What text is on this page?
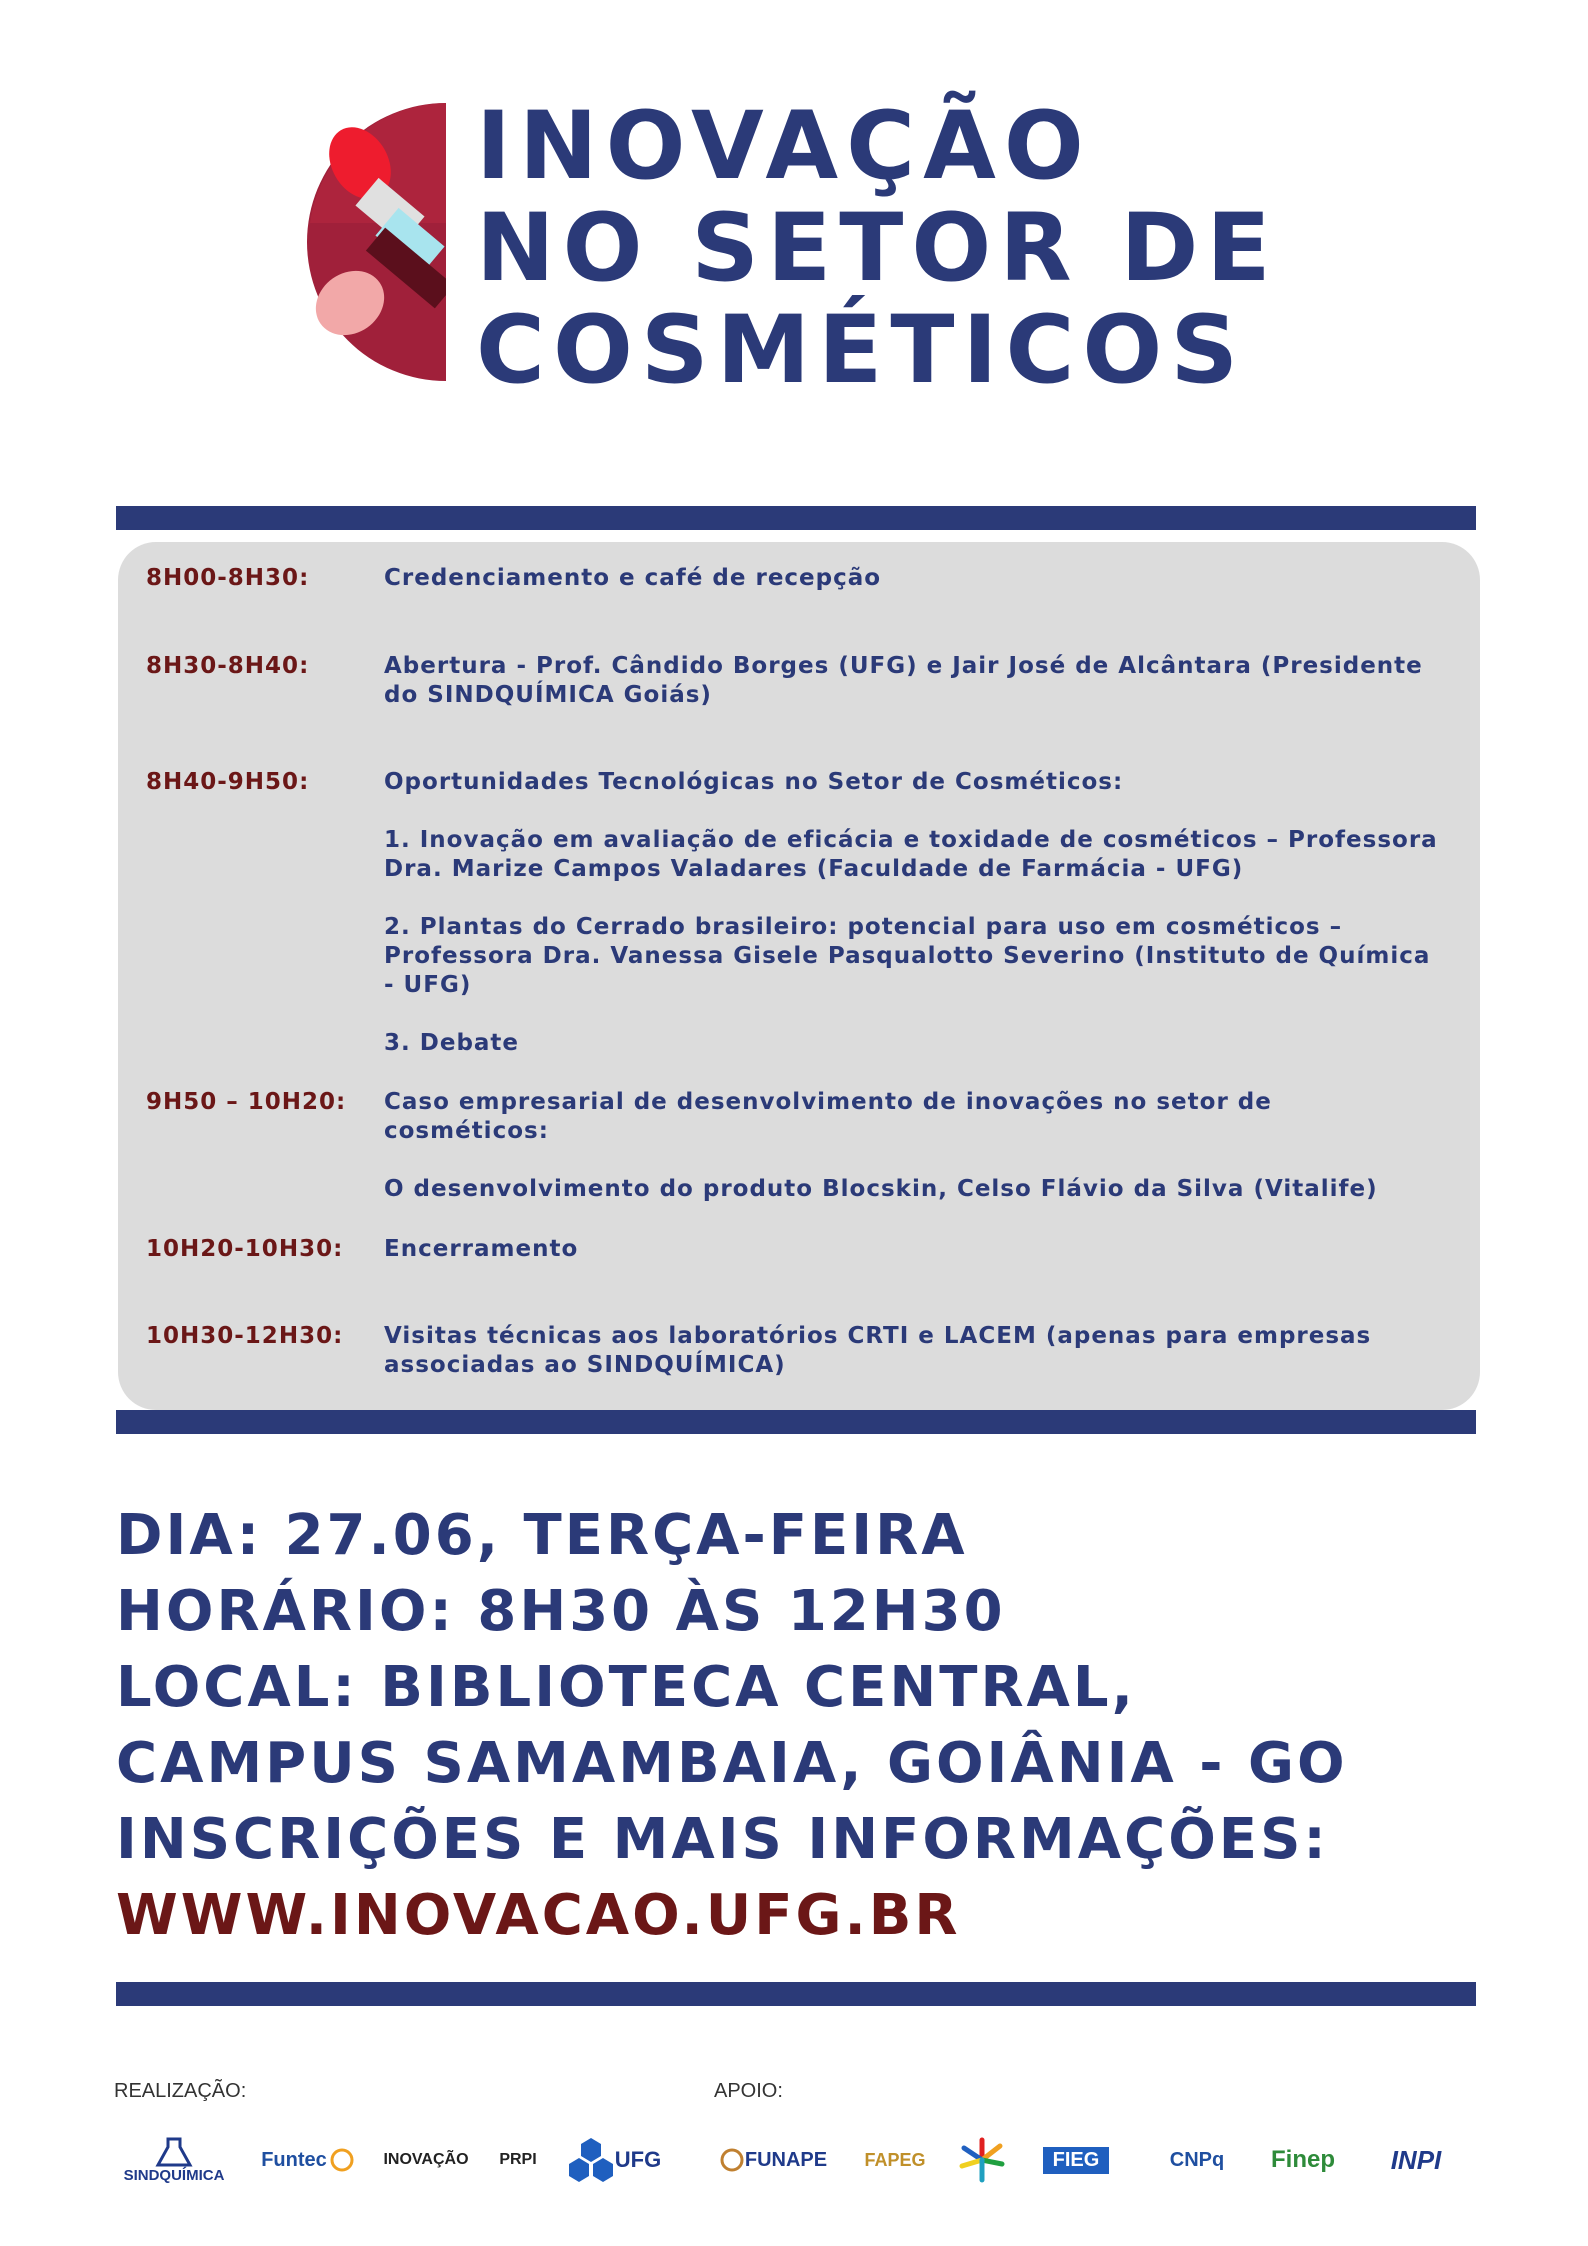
INOVAÇÃO
NO SETOR DE
COSMÉTICOS
8H00-8H30:	Credenciamento e café de recepção

8H30-8H40:	Abertura - Prof. Cândido Borges (UFG) e Jair José de Alcântara (Presidente do SINDQUÍMICA Goiás)

8H40-9H50:	Oportunidades Tecnológicas no Setor de Cosméticos:

1. Inovação em avaliação de eficácia e toxidade de cosméticos – Professora Dra. Marize Campos Valadares (Faculdade de Farmácia - UFG)

2. Plantas do Cerrado brasileiro: potencial para uso em cosméticos – Professora Dra. Vanessa Gisele Pasqualotto Severino (Instituto de Química - UFG)

3. Debate

9H50 – 10H20:	Caso empresarial de desenvolvimento de inovações no setor de cosméticos:

O desenvolvimento do produto Blocskin, Celso Flávio da Silva (Vitalife)

10H20-10H30:	Encerramento

10H30-12H30:	Visitas técnicas aos laboratórios CRTI e LACEM (apenas para empresas associadas ao SINDQUÍMICA)

DIA: 27.06, TERÇA-FEIRA
HORÁRIO: 8H30 ÀS 12H30
LOCAL: BIBLIOTECA CENTRAL,
CAMPUS SAMAMBAIA, GOIÂNIA - GO
INSCRIÇÕES E MAIS INFORMAÇÕES:
WWW.INOVACAO.UFG.BR
REALIZAÇÃO:	APOIO:
SINDQUÍMICA
Funtec	INOVAÇÃO PRPI	UFG	FUNAPE FAPEG	FIEG	CNPq Finep INPI
